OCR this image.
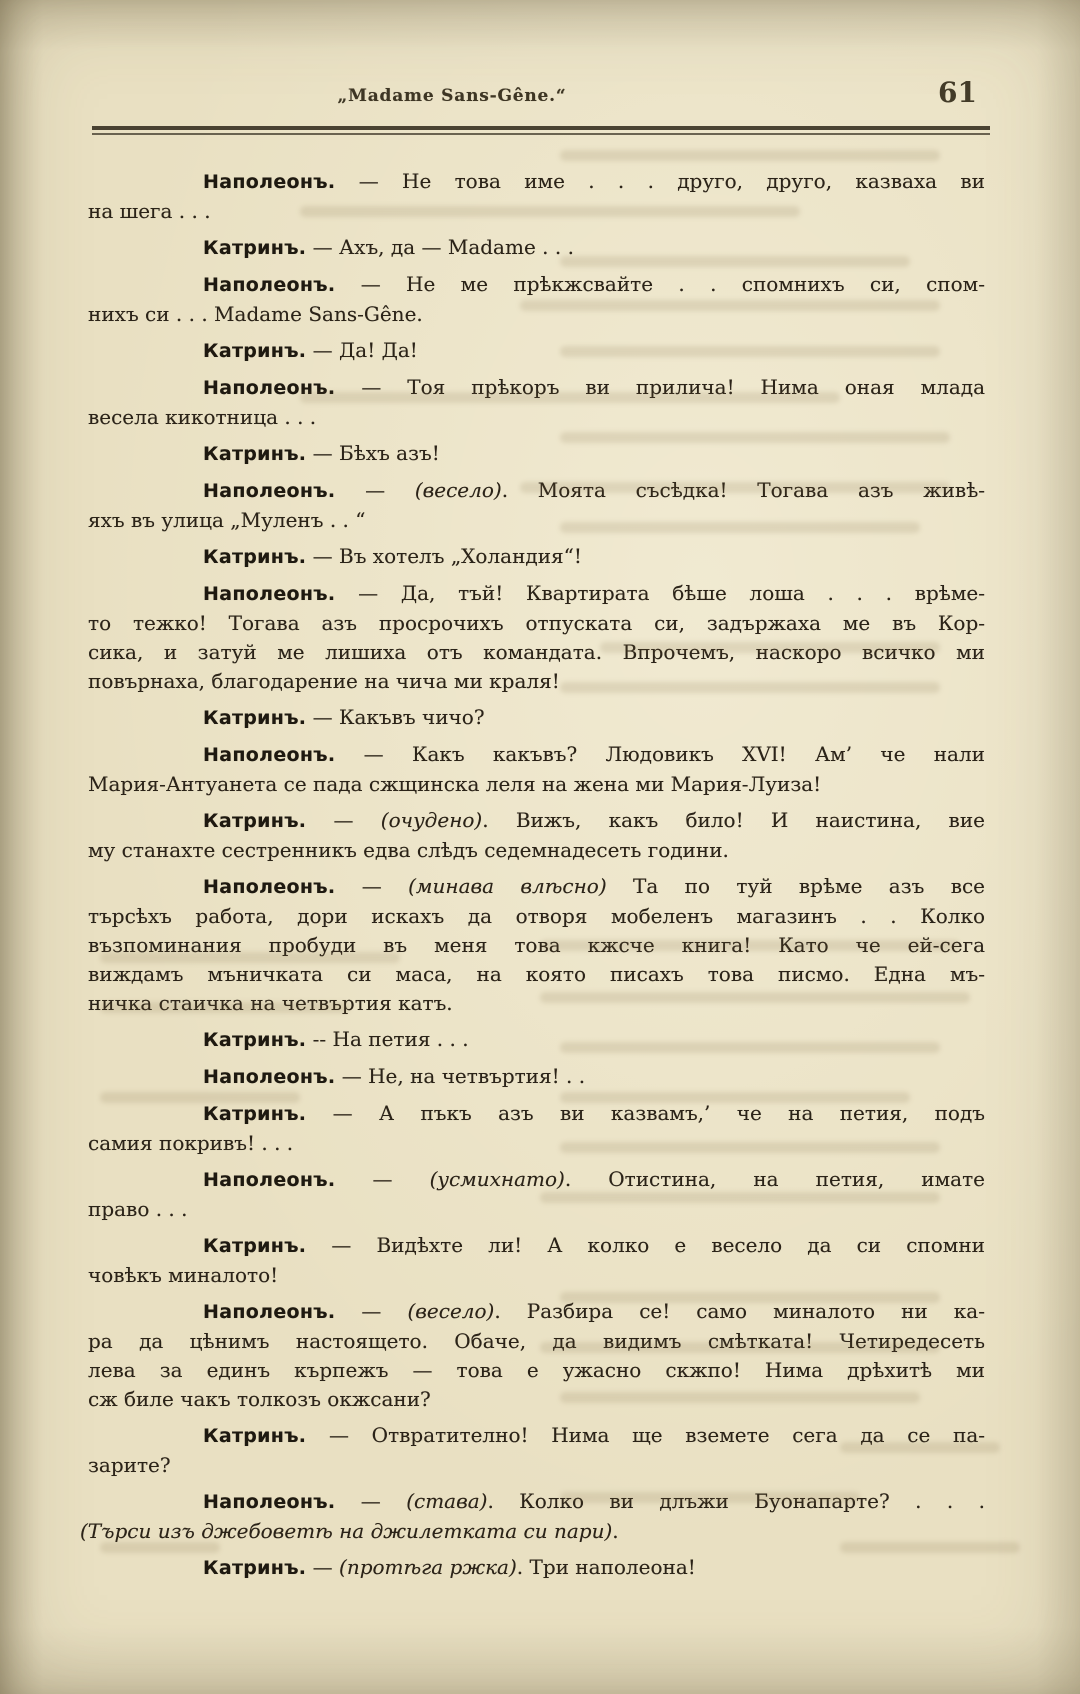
„Madame Sans-Gêne.“	61
Наполеонъ. — Не това име . . . друго, друго, казваха ви
на шега . . .
Катринъ. — Ахъ, да — Madame . . .
Наполеонъ. — Не ме прѣкжсвайте . . спомнихъ си, спом-
нихъ си . . . Madame Sans-Gêne.
Катринъ. — Да! Да!
Наполеонъ. — Тоя прѣкоръ ви прилича! Нима оная млада
весела кикотница . . .
Катринъ. — Бѣхъ азъ!
Наполеонъ. — (весело). Моята съсѣдка! Тогава азъ живѣ-
яхъ въ улица „Муленъ . . “
Катринъ. — Въ хотелъ „Холандия“!
Наполеонъ. — Да, тъй! Квартирата бѣше лоша . . . врѣме-
то тежко! Тогава азъ просрочихъ отпуската си, задържаха ме въ Кор-
сика, и затуй ме лишиха отъ командата. Впрочемъ, наскоро всичко ми
повърнаха, благодарение на чича ми краля!
Катринъ. — Какъвъ чичо?
Наполеонъ. — Какъ какъвъ? Людовикъ XVI! Ам’ че нали
Мария-Антуанета се пада сжщинска леля на жена ми Мария-Луиза!
Катринъ. — (очудено). Вижъ, какъ било! И наистина, вие
му станахте сестренникъ едва слѣдъ седемнадесеть години.
Наполеонъ. — (минава влѣсно) Та по туй врѣме азъ все
търсѣхъ работа, дори искахъ да отворя мобеленъ магазинъ . . Колко
възпоминания пробуди въ меня това кжсче книга! Като че ей-сега
виждамъ мъничката си маса, на която писахъ това писмо. Една мъ-
ничка стаичка на четвъртия катъ.
Катринъ. -- На петия . . .
Наполеонъ. — Не, на четвъртия! . .
Катринъ. — А пъкъ азъ ви казвамъ,’ че на петия, подъ
самия покривъ! . . .
Наполеонъ. — (усмихнато). Отистина, на петия, имате
право . . .
Катринъ. — Видѣхте ли! А колко е весело да си спомни
човѣкъ миналото!
Наполеонъ. — (весело). Разбира се! само миналото ни ка-
ра да цѣнимъ настоящето. Обаче, да видимъ смѣтката! Четиредесеть
лева за единъ кърпежъ — това е ужасно скжпо! Нима дрѣхитѣ ми
сж биле чакъ толкозъ окжсани?
Катринъ. — Отвратително! Нима ще вземете сега да се па-
зарите?
Наполеонъ. — (става). Колко ви длъжи Буонапарте? . . .
(Търси изъ джебоветѣ на джилетката си пари).
Катринъ. — (протѣга ржка). Три наполеона!
